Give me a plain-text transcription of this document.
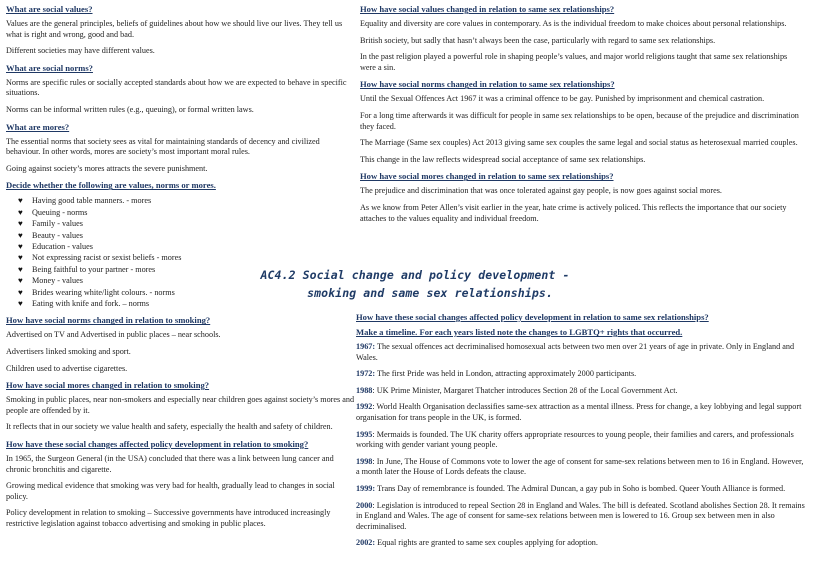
What are social values?
Values are the general principles, beliefs of guidelines about how we should live our lives. They tell us what is right and wrong, good and bad.
Different societies may have different values.
What are social norms?
Norms are specific rules or socially accepted standards about how we are expected to behave in specific situations.
Norms can be informal written rules (e.g., queuing), or formal written laws.
What are mores?
The essential norms that society sees as vital for maintaining standards of decency and civilized behaviour. In other words, mores are society’s most important moral rules.
Going against society’s mores attracts the severe punishment.
Decide whether the following are values, norms or mores.
♥	Having good table manners. - mores
♥	Queuing - norms
♥	Family - values
♥	Beauty - values
♥	Education - values
♥	Not expressing racist or sexist beliefs - mores
♥	Being faithful to your partner - mores
♥	Money - values
♥	Brides wearing white/light colours. - norms
♥	Eating with knife and fork. – norms
How have social norms changed in relation to smoking?
Advertised on TV and Advertised in public places – near schools.
Advertisers linked smoking and sport.
Children used to advertise cigarettes.
How have social mores changed in relation to smoking?
Smoking in public places, near non-smokers and especially near children goes against society’s mores and people are offended by it.
It reflects that in our society we value health and safety, especially the health and safety of children.
How have these social changes affected policy development in relation to smoking?
In 1965, the Surgeon General (in the USA) concluded that there was a link between lung cancer and chronic bronchitis and cigarette.
Growing medical evidence that smoking was very bad for health, gradually lead to changes in social policy.
Policy development in relation to smoking – Successive governments have introduced increasingly restrictive legislation against tobacco advertising and smoking in public places.
How have social values changed in relation to same sex relationships?
Equality and diversity are core values in contemporary. As is the individual freedom to make choices about personal relationships.
British society, but sadly that hasn’t always been the case, particularly with regard to same sex relationships.
In the past religion played a powerful role in shaping people’s values, and major world religions taught that same sex relationships were a sin.
How have social norms changed in relation to same sex relationships?
Until the Sexual Offences Act 1967 it was a criminal offence to be gay. Punished by imprisonment and chemical castration.
For a long time afterwards it was difficult for people in same sex relationships to be open, because of the prejudice and discrimination they faced.
The Marriage (Same sex couples) Act 2013 giving same sex couples the same legal and social status as heterosexual married couples.
This change in the law reflects widespread social acceptance of same sex relationships.
How have social mores changed in relation to same sex relationships?
The prejudice and discrimination that was once tolerated against gay people, is now goes against social mores.
As we know from Peter Allen’s visit earlier in the year, hate crime is actively policed. This reflects the importance that our society attaches to the values equality and individual freedom.
AC4.2 Social change and policy development -
smoking and same sex relationships.
How have these social changes affected policy development in relation to same sex relationships?
Make a timeline. For each years listed note the changes to LGBTQ+ rights that occurred.
1967: The sexual offences act decriminalised homosexual acts between two men over 21 years of age in private. Only in England and Wales.
1972: The first Pride was held in London, attracting approximately 2000 participants.
1988: UK Prime Minister, Margaret Thatcher introduces Section 28 of the Local Government Act.
1992: World Health Organisation declassifies same-sex attraction as a mental illness. Press for change, a key lobbying and legal support organisation for trans people in the UK, is formed.
1995: Mermaids is founded. The UK charity offers appropriate resources to young people, their families and carers, and professionals working with gender variant young people.
1998: In June, The House of Commons vote to lower the age of consent for same-sex relations between men to 16 in England. However, a month later the House of Lords defeats the clause.
1999: Trans Day of remembrance is founded. The Admiral Duncan, a gay pub in Soho is bombed. Queer Youth Alliance is formed.
2000: Legislation is introduced to repeal Section 28 in England and Wales. The bill is defeated. Scotland abolishes Section 28. It remains in England and Wales. The age of consent for same-sex relations between men is lowered to 16. Group sex between men in also decriminalised.
2002: Equal rights are granted to same sex couples applying for adoption.
